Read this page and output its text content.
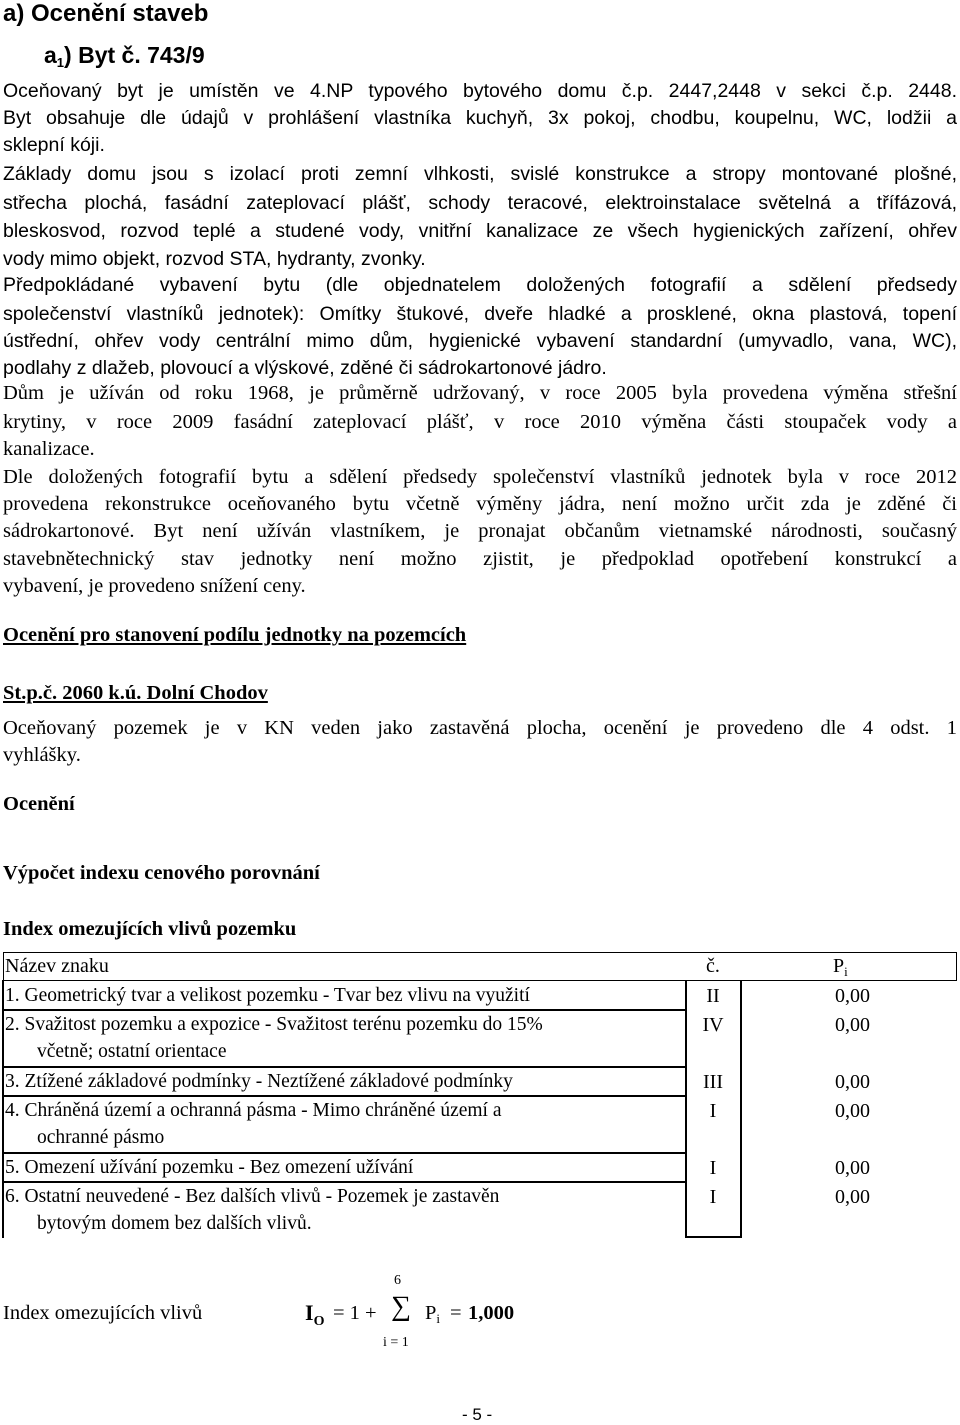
a) Ocenění staveb
$a_1$) Byt č. 743/9
Oceňovaný byt je umístěn ve 4.NP typového bytového domu č.p. 2447,2448 v sekci č.p. 2448.
Byt obsahuje dle údajů v prohlášení vlastníka kuchyň, 3x pokoj, chodbu, koupelnu, WC, lodžii a
sklepní kóji.
Základy domu jsou s izolací proti zemní vlhkosti, svislé konstrukce a stropy montované plošné,
střecha plochá, fasádní zateplovací plášť, schody teracové, elektroinstalace světelná a třífázová,
bleskosvod, rozvod teplé a studené vody, vnitřní kanalizace ze všech hygienických zařízení, ohřev
vody mimo objekt, rozvod STA, hydranty, zvonky.
Předpokládané vybavení bytu (dle objednatelem doložených fotografií a sdělení předsedy
společenství vlastníků jednotek): Omítky štukové, dveře hladké a prosklené, okna plastová, topení
ústřední, ohřev vody centrální mimo dům, hygienické vybavení standardní (umyvadlo, vana, WC),
podlahy z dlažeb, plovoucí a vlýskové, zděné či sádrokartonové jádro.
Dům je užíván od roku 1968, je průměrně udržovaný, v roce 2005 byla provedena výměna střešní
krytiny, v roce 2009 fasádní zateplovací plášť, v roce 2010 výměna části stoupaček vody a
kanalizace.
Dle doložených fotografií bytu a sdělení předsedy společenství vlastníků jednotek byla v roce 2012
provedena rekonstrukce oceňovaného bytu včetně výměny jádra, není možno určit zda je zděné či
sádrokartonové. Byt není užíván vlastníkem, je pronajat občanům vietnamské národnosti, současný
stavebnětechnický stav jednotky není možno zjistit, je předpoklad opotřebení konstrukcí a
vybavení, je provedeno snížení ceny.
Ocenění pro stanovení podílu jednotky na pozemcích
St.p.č. 2060 k.ú. Dolní Chodov
Oceňovaný pozemek je v KN veden jako zastavěná plocha, ocenění je provedeno dle 4 odst. 1
vyhlášky.
Ocenění
Výpočet indexu cenového porovnání
Index omezujících vlivů pozemku
Název znaku	č.	$P_i$
1. Geometrický tvar a velikost pozemku - Tvar bez vlivu na využití	II	0,00
2. Svažitost pozemku a expozice - Svažitost terénu pozemku do 15%
včetně; ostatní orientace
IV	0,00
3. Ztížené základové podmínky - Neztížené základové podmínky	III	0,00
4. Chráněná území a ochranná pásma - Mimo chráněné území a
ochranné pásmo
I	0,00
5. Omezení užívání pozemku - Bez omezení užívání	I	0,00
6. Ostatní neuvedené - Bez dalších vlivů - Pozemek je zastavěn
bytovým domem bez dalších vlivů.
I	0,00
Index omezujících vlivů	$I_O = 1$ +
6
∑
i = 1
$P_i = 1,000$
- 5 -
